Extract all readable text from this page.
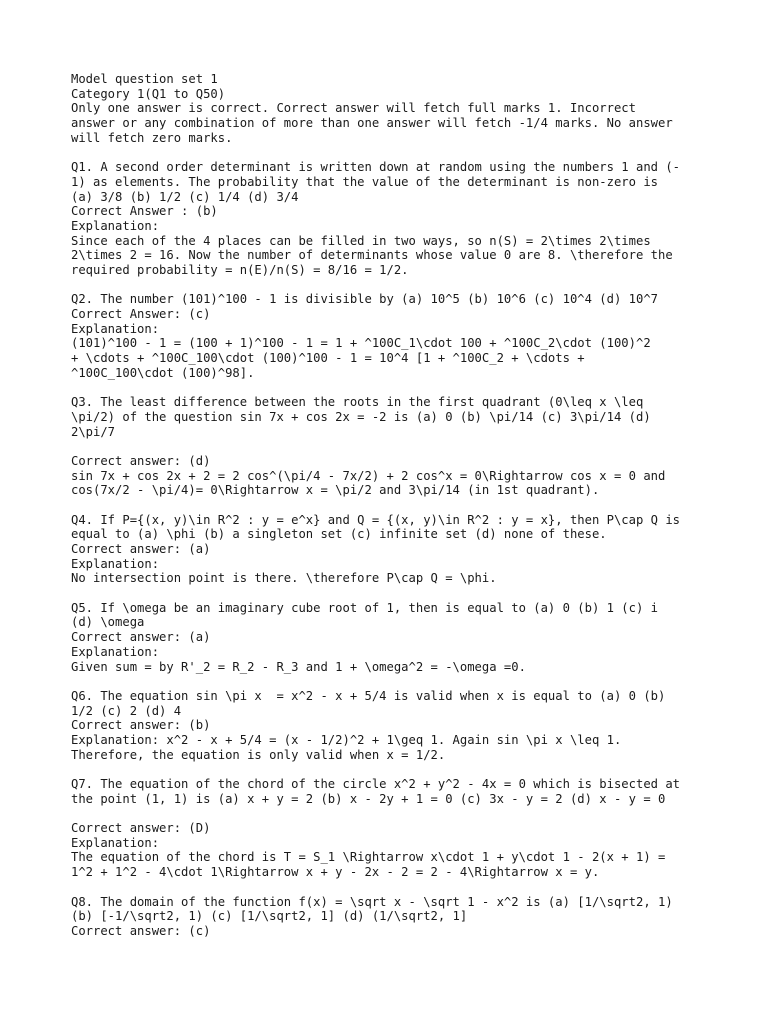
Model question set 1
Category 1(Q1 to Q50)
Only one answer is correct. Correct answer will fetch full marks 1. Incorrect
answer or any combination of more than one answer will fetch -1/4 marks. No answer
will fetch zero marks.
Q1. A second order determinant is written down at random using the numbers 1 and (-
1) as elements. The probability that the value of the determinant is non-zero is
(a) 3/8 (b) 1/2 (c) 1/4 (d) 3/4
Correct Answer : (b)
Explanation:
Since each of the 4 places can be filled in two ways, so n(S) = 2\times 2\times
2\times 2 = 16. Now the number of determinants whose value 0 are 8. \therefore the
required probability = n(E)/n(S) = 8/16 = 1/2.
Q2. The number (101)^100 - 1 is divisible by (a) 10^5 (b) 10^6 (c) 10^4 (d) 10^7
Correct Answer: (c)
Explanation:
(101)^100 - 1 = (100 + 1)^100 - 1 = 1 + ^100C_1\cdot 100 + ^100C_2\cdot (100)^2
+ \cdots + ^100C_100\cdot (100)^100 - 1 = 10^4 [1 + ^100C_2 + \cdots +
^100C_100\cdot (100)^98].
Q3. The least difference between the roots in the first quadrant (0\leq x \leq
\pi/2) of the question sin 7x + cos 2x = -2 is (a) 0 (b) \pi/14 (c) 3\pi/14 (d)
2\pi/7
Correct answer: (d)
sin 7x + cos 2x + 2 = 2 cos^(\pi/4 - 7x/2) + 2 cos^x = 0\Rightarrow cos x = 0 and
cos(7x/2 - \pi/4)= 0\Rightarrow x = \pi/2 and 3\pi/14 (in 1st quadrant).
Q4. If P={(x, y)\in R^2 : y = e^x} and Q = {(x, y)\in R^2 : y = x}, then P\cap Q is
equal to (a) \phi (b) a singleton set (c) infinite set (d) none of these.
Correct answer: (a)
Explanation:
No intersection point is there. \therefore P\cap Q = \phi.
Q5. If \omega be an imaginary cube root of 1, then is equal to (a) 0 (b) 1 (c) i
(d) \omega
Correct answer: (a)
Explanation:
Given sum = by R'_2 = R_2 - R_3 and 1 + \omega^2 = -\omega =0.
Q6. The equation sin \pi x  = x^2 - x + 5/4 is valid when x is equal to (a) 0 (b)
1/2 (c) 2 (d) 4
Correct answer: (b)
Explanation: x^2 - x + 5/4 = (x - 1/2)^2 + 1\geq 1. Again sin \pi x \leq 1.
Therefore, the equation is only valid when x = 1/2.
Q7. The equation of the chord of the circle x^2 + y^2 - 4x = 0 which is bisected at
the point (1, 1) is (a) x + y = 2 (b) x - 2y + 1 = 0 (c) 3x - y = 2 (d) x - y = 0
Correct answer: (D)
Explanation:
The equation of the chord is T = S_1 \Rightarrow x\cdot 1 + y\cdot 1 - 2(x + 1) =
1^2 + 1^2 - 4\cdot 1\Rightarrow x + y - 2x - 2 = 2 - 4\Rightarrow x = y.
Q8. The domain of the function f(x) = \sqrt x - \sqrt 1 - x^2 is (a) [1/\sqrt2, 1)
(b) [-1/\sqrt2, 1) (c) [1/\sqrt2, 1] (d) (1/\sqrt2, 1]
Correct answer: (c)
